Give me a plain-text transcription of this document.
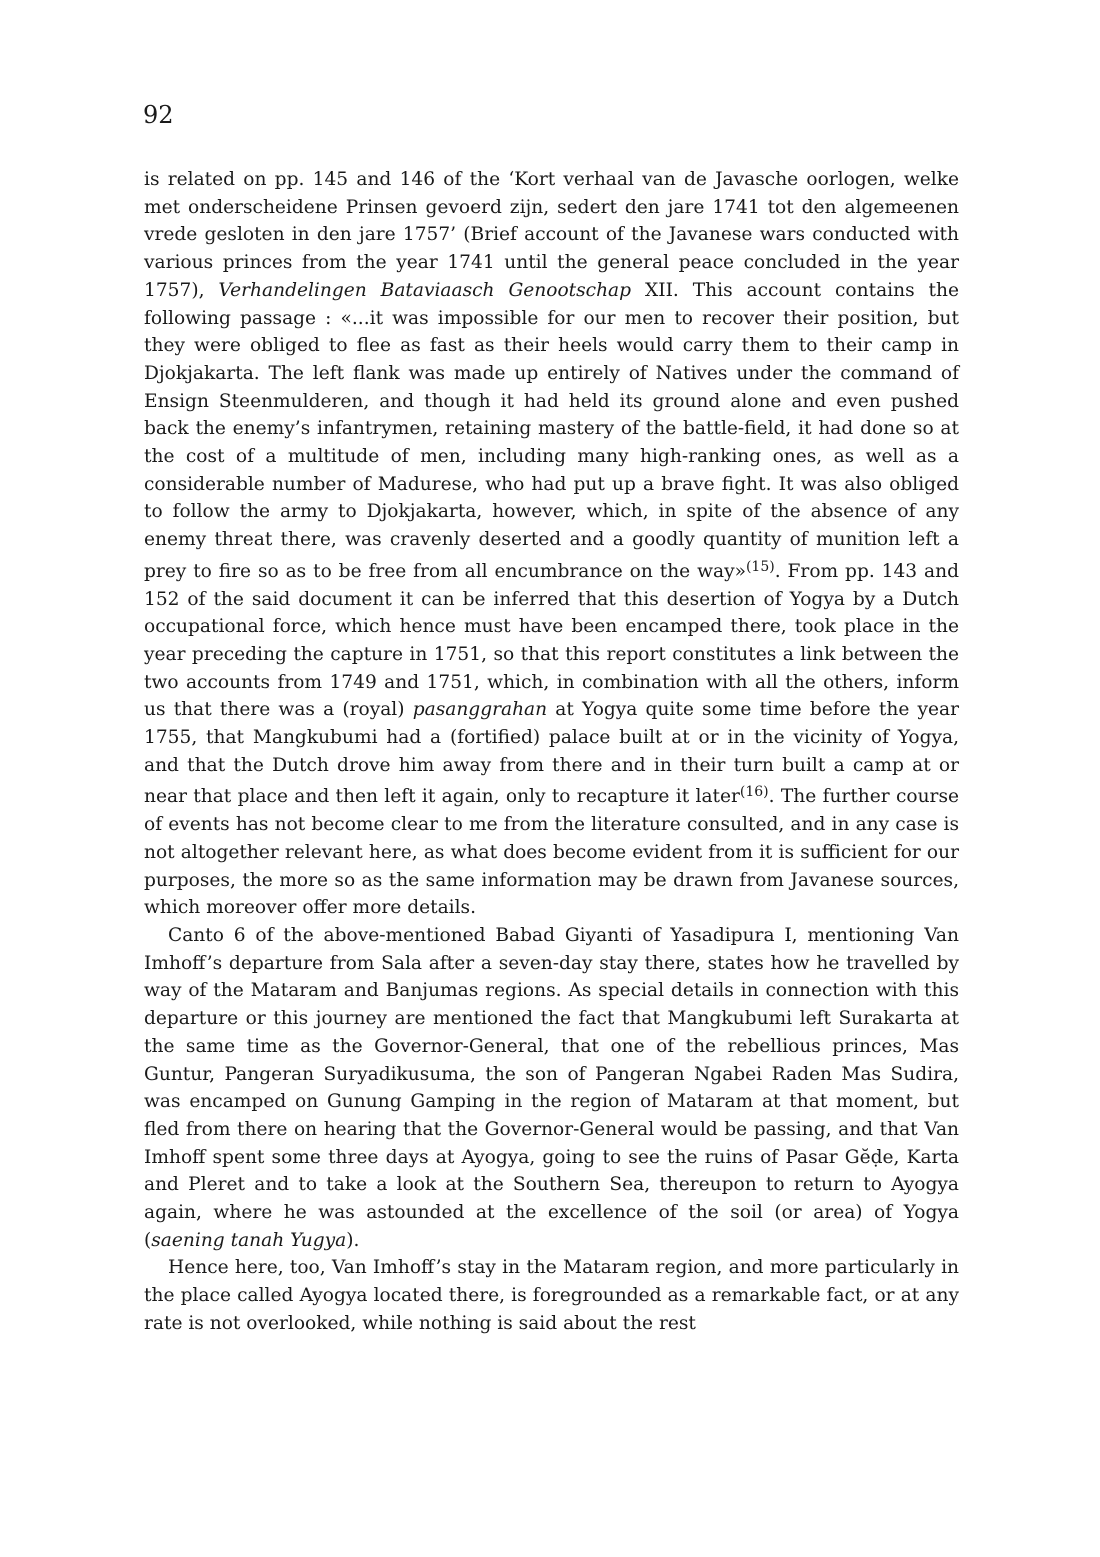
92

is related on pp. 145 and 146 of the ‘Kort verhaal van de Javasche oorlogen, welke met onderscheidene Prinsen gevoerd zijn, sedert den jare 1741 tot den algemeenen vrede gesloten in den jare 1757’ (Brief account of the Javanese wars conducted with various princes from the year 1741 until the general peace concluded in the year 1757), Verhandelingen Bataviaasch Genootschap XII. This account contains the following passage : «...it was impossible for our men to recover their position, but they were obliged to flee as fast as their heels would carry them to their camp in Djokjakarta. The left flank was made up entirely of Natives under the command of Ensign Steenmulderen, and though it had held its ground alone and even pushed back the enemy’s infantrymen, retaining mastery of the battle-field, it had done so at the cost of a multitude of men, including many high-ranking ones, as well as a considerable number of Madurese, who had put up a brave fight. It was also obliged to follow the army to Djokjakarta, however, which, in spite of the absence of any enemy threat there, was cravenly deserted and a goodly quantity of munition left a prey to fire so as to be free from all encumbrance on the way»$^{(15)}$. From pp. 143 and 152 of the said document it can be inferred that this desertion of Yogya by a Dutch occupational force, which hence must have been encamped there, took place in the year preceding the capture in 1751, so that this report constitutes a link between the two accounts from 1749 and 1751, which, in combination with all the others, inform us that there was a (royal) pasanggrahan at Yogya quite some time before the year 1755, that Mangkubumi had a (fortified) palace built at or in the vicinity of Yogya, and that the Dutch drove him away from there and in their turn built a camp at or near that place and then left it again, only to recapture it later$^{(16)}$. The further course of events has not become clear to me from the literature consulted, and in any case is not altogether relevant here, as what does become evident from it is sufficient for our purposes, the more so as the same information may be drawn from Javanese sources, which moreover offer more details.

Canto 6 of the above-mentioned Babad Giyanti of Yasadipura I, mentioning Van Imhoff’s departure from Sala after a seven-day stay there, states how he travelled by way of the Mataram and Banjumas regions. As special details in connection with this departure or this journey are mentioned the fact that Mangkubumi left Surakarta at the same time as the Governor-General, that one of the rebellious princes, Mas Guntur, Pangeran Suryadikusuma, the son of Pangeran Ngabei Raden Mas Sudira, was encamped on Gunung Gamping in the region of Mataram at that moment, but fled from there on hearing that the Governor-General would be passing, and that Van Imhoff spent some three days at Ayogya, going to see the ruins of Pasar Gĕḍe, Karta and Pleret and to take a look at the Southern Sea, thereupon to return to Ayogya again, where he was astounded at the excellence of the soil (or area) of Yogya (saening tanah Yugya).

Hence here, too, Van Imhoff’s stay in the Mataram region, and more particularly in the place called Ayogya located there, is foregrounded as a remarkable fact, or at any rate is not overlooked, while nothing is said about the rest
